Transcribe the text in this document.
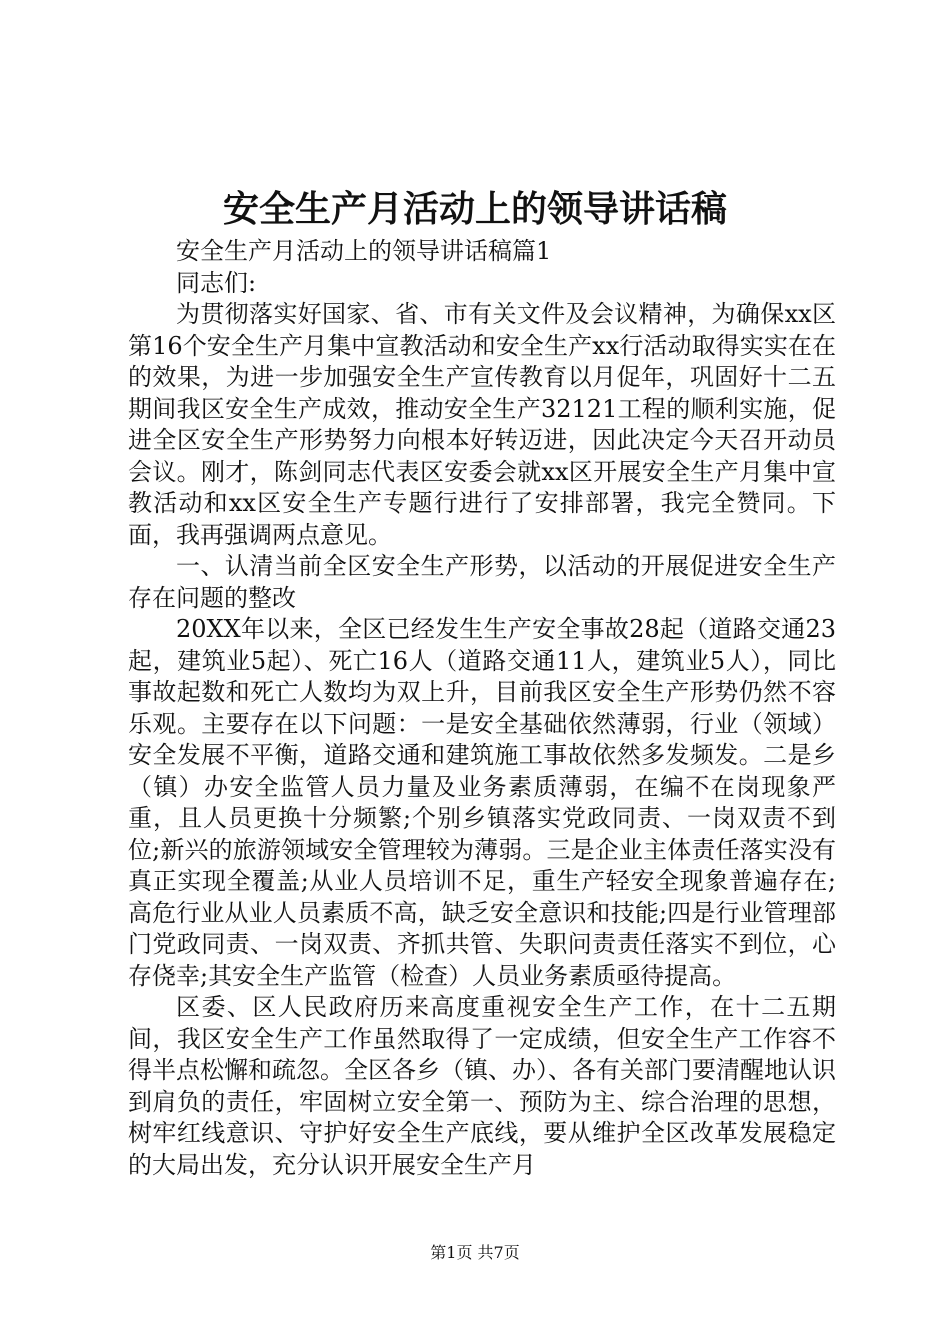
安全生产月活动上的领导讲话稿

安全生产月活动上的领导讲话稿篇1

同志们:

为贯彻落实好国家、省、市有关文件及会议精神，为确保xx区第16个安全生产月集中宣教活动和安全生产xx行活动取得实实在在的效果，为进一步加强安全生产宣传教育以月促年，巩固好十二五期间我区安全生产成效，推动安全生产32121工程的顺利实施，促进全区安全生产形势努力向根本好转迈进，因此决定今天召开动员会议。刚才，陈剑同志代表区安委会就xx区开展安全生产月集中宣教活动和xx区安全生产专题行进行了安排部署，我完全赞同。下面，我再强调两点意见。

一、认清当前全区安全生产形势，以活动的开展促进安全生产存在问题的整改

20XX年以来，全区已经发生生产安全事故28起（道路交通23起，建筑业5起）、死亡16人（道路交通11人，建筑业5人），同比事故起数和死亡人数均为双上升，目前我区安全生产形势仍然不容乐观。主要存在以下问题：一是安全基础依然薄弱，行业（领域）安全发展不平衡，道路交通和建筑施工事故依然多发频发。二是乡（镇）办安全监管人员力量及业务素质薄弱，在编不在岗现象严重，且人员更换十分频繁;个别乡镇落实党政同责、一岗双责不到位;新兴的旅游领域安全管理较为薄弱。三是企业主体责任落实没有真正实现全覆盖;从业人员培训不足，重生产轻安全现象普遍存在;高危行业从业人员素质不高，缺乏安全意识和技能;四是行业管理部门党政同责、一岗双责、齐抓共管、失职问责责任落实不到位，心存侥幸;其安全生产监管（检查）人员业务素质亟待提高。

区委、区人民政府历来高度重视安全生产工作，在十二五期间，我区安全生产工作虽然取得了一定成绩，但安全生产工作容不得半点松懈和疏忽。全区各乡（镇、办）、各有关部门要清醒地认识到肩负的责任，牢固树立安全第一、预防为主、综合治理的思想，树牢红线意识、守护好安全生产底线，要从维护全区改革发展稳定的大局出发，充分认识开展安全生产月

第1页 共7页
